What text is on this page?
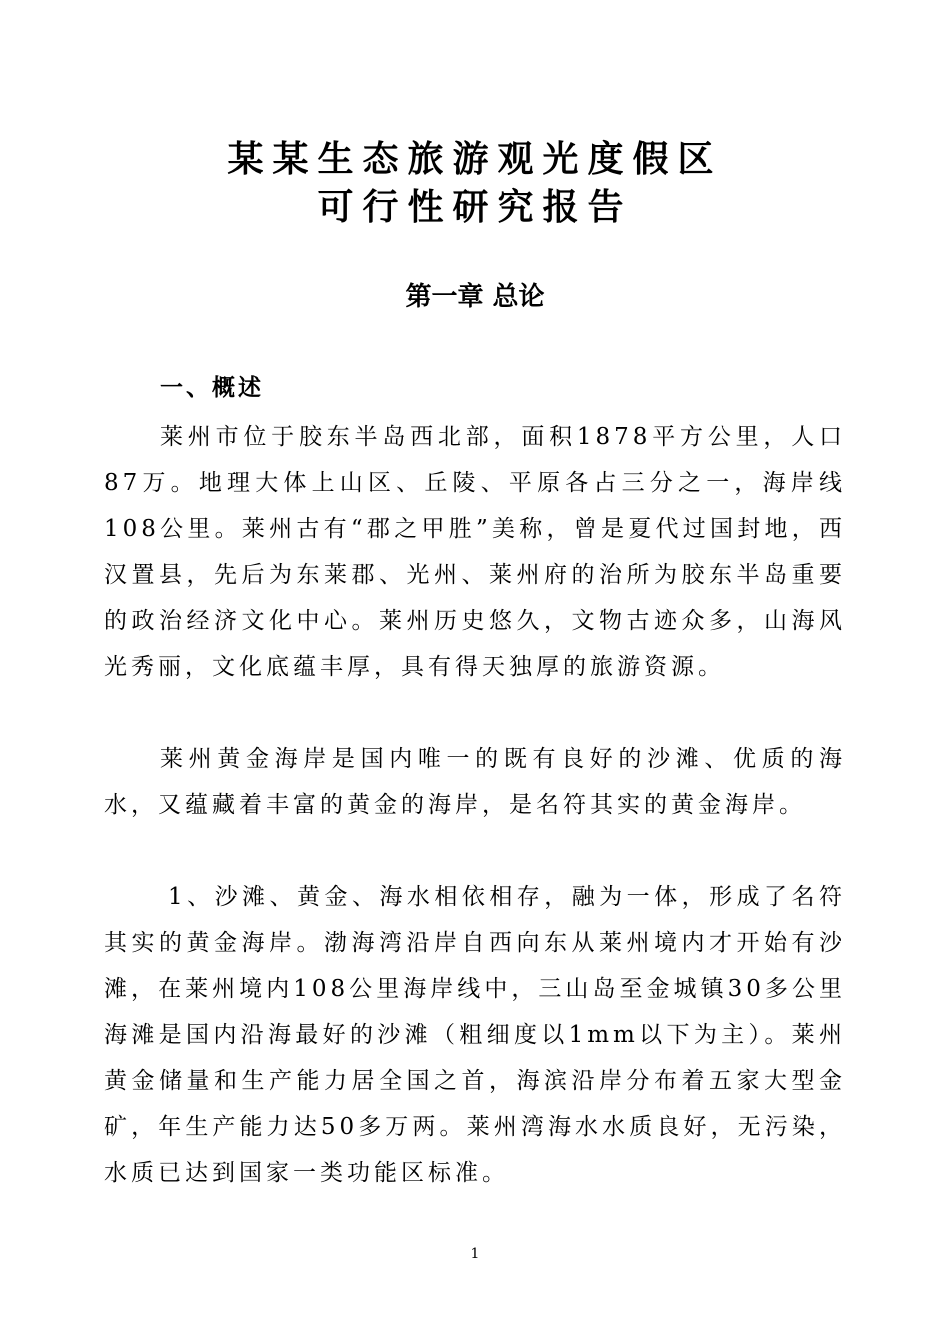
某某生态旅游观光度假区
可行性研究报告
第一章 总论
一、概述

莱州市位于胶东半岛西北部，面积1878平方公里，人口87万。地理大体上山区、丘陵、平原各占三分之一，海岸线108公里。莱州古有“郡之甲胜”美称，曾是夏代过国封地，西汉置县，先后为东莱郡、光州、莱州府的治所为胶东半岛重要的政治经济文化中心。莱州历史悠久，文物古迹众多，山海风光秀丽，文化底蕴丰厚，具有得天独厚的旅游资源。

莱州黄金海岸是国内唯一的既有良好的沙滩、优质的海水，又蕴藏着丰富的黄金的海岸，是名符其实的黄金海岸。

1、沙滩、黄金、海水相依相存，融为一体，形成了名符其实的黄金海岸。渤海湾沿岸自西向东从莱州境内才开始有沙滩，在莱州境内108公里海岸线中，三山岛至金城镇30多公里海滩是国内沿海最好的沙滩（粗细度以1mm以下为主）。莱州黄金储量和生产能力居全国之首，海滨沿岸分布着五家大型金矿，年生产能力达50多万两。莱州湾海水水质良好，无污染，水质已达到国家一类功能区标准。

1
